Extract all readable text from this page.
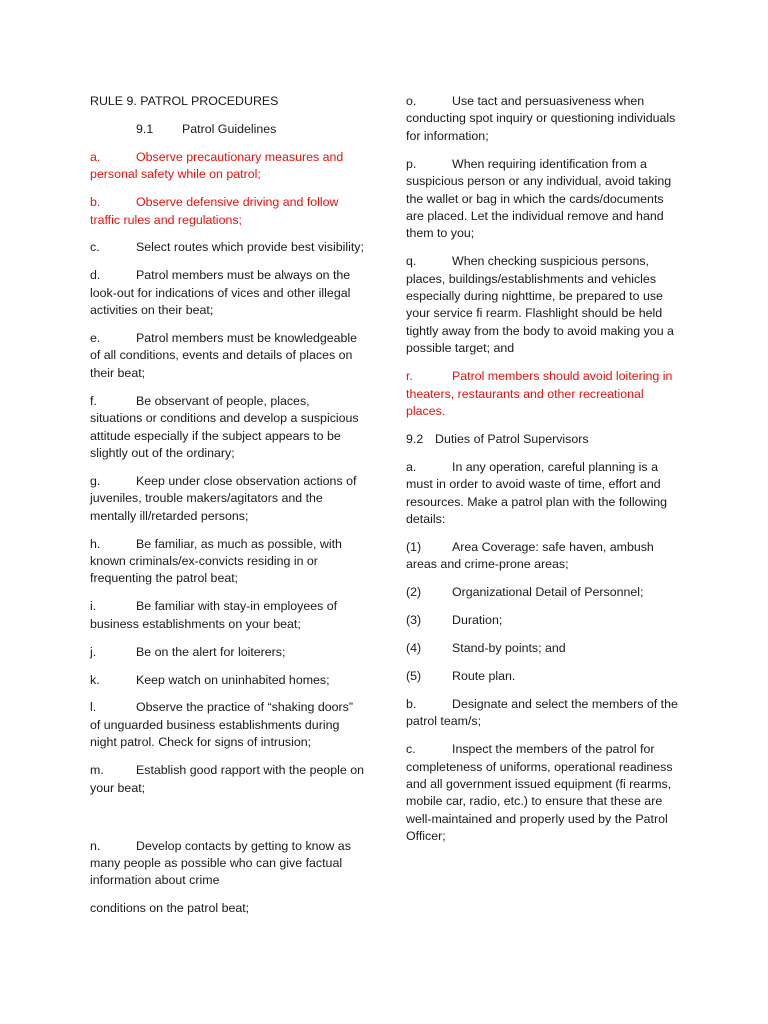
RULE 9. PATROL PROCEDURES
9.1 Patrol Guidelines
a.	Observe precautionary measures and personal safety while on patrol;
b.	Observe defensive driving and follow traffic rules and regulations;
c.	Select routes which provide best visibility;
d.	Patrol members must be always on the look-out for indications of vices and other illegal activities on their beat;
e.	Patrol members must be knowledgeable of all conditions, events and details of places on their beat;
f.	Be observant of people, places, situations or conditions and develop a suspicious attitude especially if the subject appears to be slightly out of the ordinary;
g.	Keep under close observation actions of juveniles, trouble makers/agitators and the mentally ill/retarded persons;
h.	Be familiar, as much as possible, with known criminals/ex-convicts residing in or frequenting the patrol beat;
i.	Be familiar with stay-in employees of business establishments on your beat;
j.	Be on the alert for loiterers;
k.	Keep watch on uninhabited homes;
l.	Observe the practice of “shaking doors” of unguarded business establishments during night patrol. Check for signs of intrusion;
m.	Establish good rapport with the people on your beat;
n.	Develop contacts by getting to know as many people as possible who can give factual information about crime
conditions on the patrol beat;
o.	Use tact and persuasiveness when conducting spot inquiry or questioning individuals for information;
p.	When requiring identification from a suspicious person or any individual, avoid taking the wallet or bag in which the cards/documents are placed. Let the individual remove and hand them to you;
q.	When checking suspicious persons, places, buildings/establishments and vehicles especially during nighttime, be prepared to use your service fi rearm. Flashlight should be held tightly away from the body to avoid making you a possible target; and
r.	Patrol members should avoid loitering in theaters, restaurants and other recreational places.
9.2 Duties of Patrol Supervisors
a.	In any operation, careful planning is a must in order to avoid waste of time, effort and resources. Make a patrol plan with the following details:
(1) Area Coverage: safe haven, ambush areas and crime-prone areas;
(2) Organizational Detail of Personnel;
(3) Duration;
(4) Stand-by points; and
(5) Route plan.
b.	Designate and select the members of the patrol team/s;
c.	Inspect the members of the patrol for completeness of uniforms, operational readiness and all government issued equipment (fi rearms, mobile car, radio, etc.) to ensure that these are well-maintained and properly used by the Patrol Officer;
